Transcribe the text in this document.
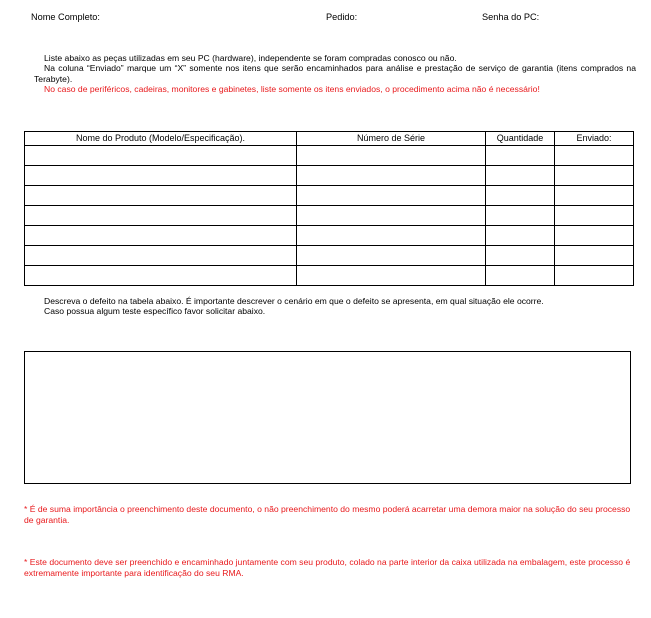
Nome Completo:	Pedido:	Senha do PC:
Liste abaixo as peças utilizadas em seu PC (hardware), independente se foram compradas conosco ou não.
Na coluna “Enviado” marque um “X” somente nos itens que serão encaminhados para análise e prestação de serviço de garantia (itens comprados na Terabyte).
No caso de periféricos, cadeiras, monitores e gabinetes, liste somente os itens enviados, o procedimento acima não é necessário!
Nome do Produto (Modelo/Especificação).	Número de Série	Quantidade	Enviado:

Descreva o defeito na tabela abaixo. É importante descrever o cenário em que o defeito se apresenta, em qual situação ele ocorre.
Caso possua algum teste específico favor solicitar abaixo.
* É de suma importância o preenchimento deste documento, o não preenchimento do mesmo poderá acarretar uma demora maior na solução do seu processo de garantia.
* Este documento deve ser preenchido e encaminhado juntamente com seu produto, colado na parte interior da caixa utilizada na embalagem, este processo é extremamente importante para identificação do seu RMA.
